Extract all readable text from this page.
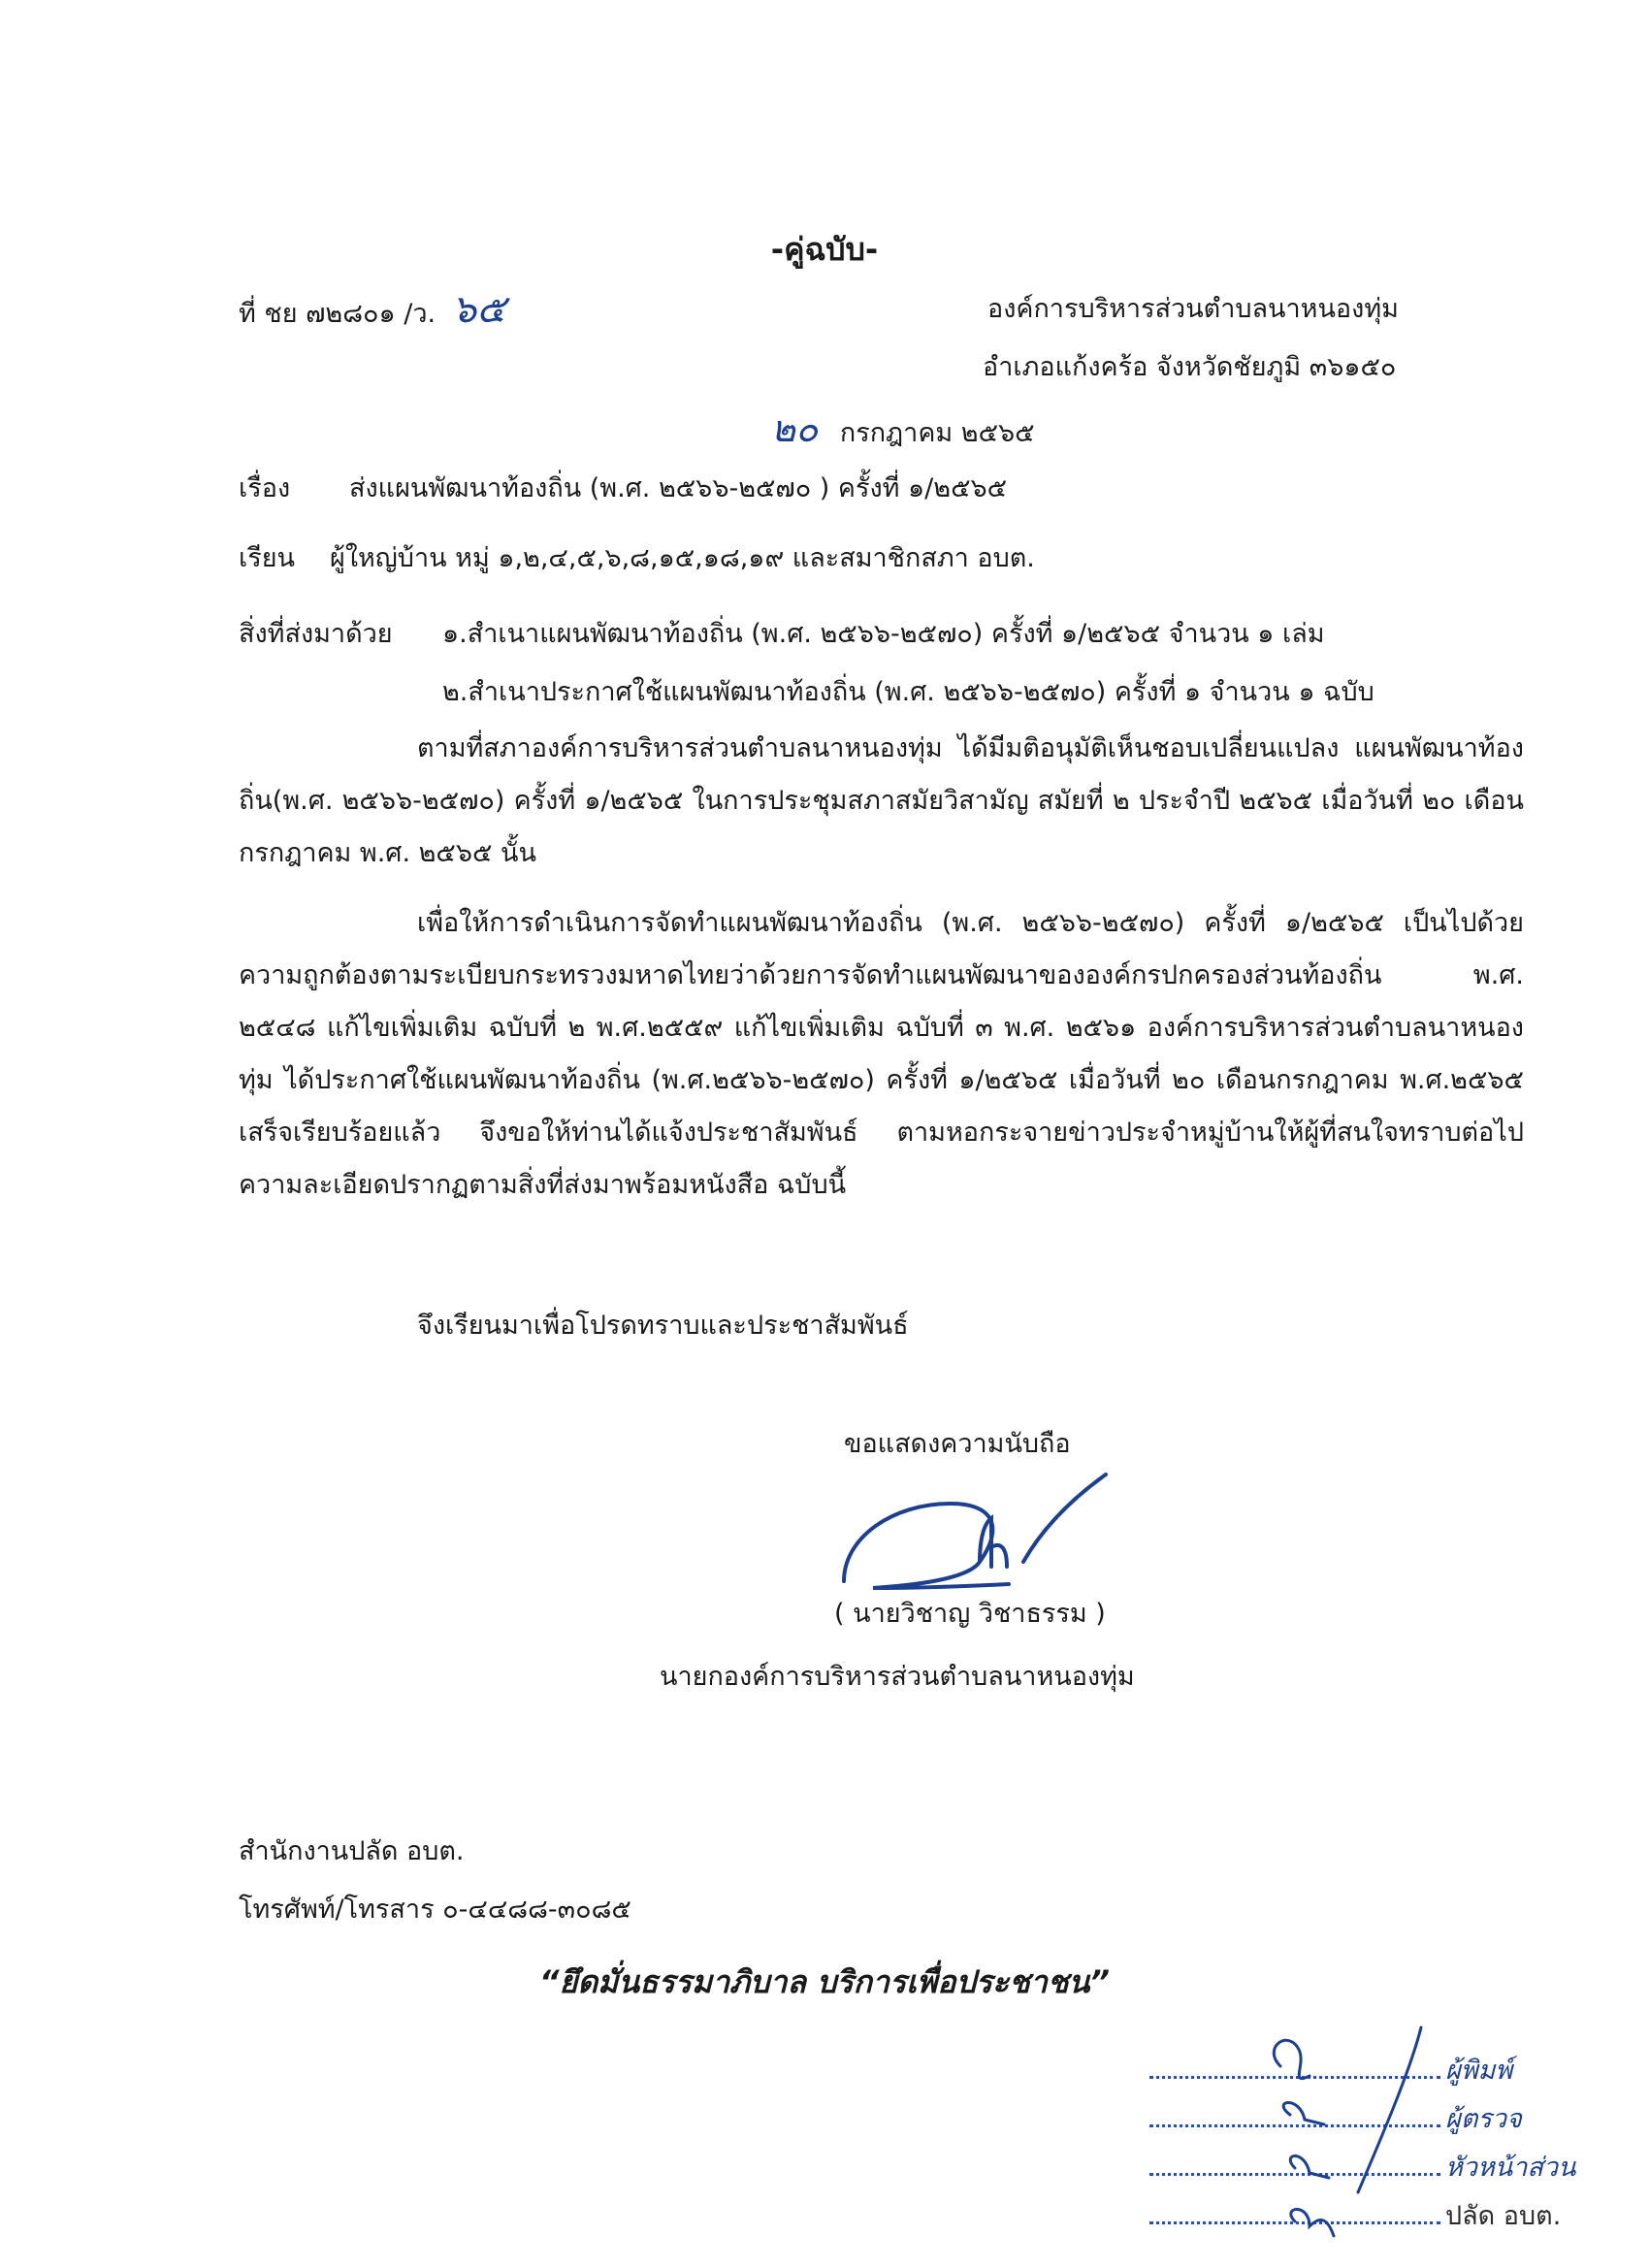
-คู่ฉบับ-
ที่ ชย ๗๒๘๐๑ /ว. ๖๕	องค์การบริหารส่วนตำบลนาหนองทุ่ม
อำเภอแก้งคร้อ จังหวัดชัยภูมิ ๓๖๑๕๐
๒๐ กรกฎาคม ๒๕๖๕
เรื่อง ส่งแผนพัฒนาท้องถิ่น (พ.ศ. ๒๕๖๖-๒๕๗๐ ) ครั้งที่ ๑/๒๕๖๕
เรียน ผู้ใหญ่บ้าน หมู่ ๑,๒,๔,๕,๖,๘,๑๕,๑๘,๑๙ และสมาชิกสภา อบต.
สิ่งที่ส่งมาด้วย ๑.สำเนาแผนพัฒนาท้องถิ่น (พ.ศ. ๒๕๖๖-๒๕๗๐) ครั้งที่ ๑/๒๕๖๕ จำนวน ๑ เล่ม
๒.สำเนาประกาศใช้แผนพัฒนาท้องถิ่น (พ.ศ. ๒๕๖๖-๒๕๗๐) ครั้งที่ ๑ จำนวน ๑ ฉบับ
ตามที่สภาองค์การบริหารส่วนตำบลนาหนองทุ่ม ได้มีมติอนุมัติเห็นชอบเปลี่ยนแปลง แผนพัฒนาท้องถิ่น(พ.ศ. ๒๕๖๖-๒๕๗๐) ครั้งที่ ๑/๒๕๖๕ ในการประชุมสภาสมัยวิสามัญ สมัยที่ ๒ ประจำปี ๒๕๖๕ เมื่อวันที่ ๒๐ เดือน กรกฎาคม พ.ศ. ๒๕๖๕ นั้น
เพื่อให้การดำเนินการจัดทำแผนพัฒนาท้องถิ่น (พ.ศ. ๒๕๖๖-๒๕๗๐) ครั้งที่ ๑/๒๕๖๕ เป็นไปด้วยความถูกต้องตามระเบียบกระทรวงมหาดไทยว่าด้วยการจัดทำแผนพัฒนาขององค์กรปกครองส่วนท้องถิ่น พ.ศ. ๒๕๔๘ แก้ไขเพิ่มเติม ฉบับที่ ๒ พ.ศ.๒๕๕๙ แก้ไขเพิ่มเติม ฉบับที่ ๓ พ.ศ. ๒๕๖๑ องค์การบริหารส่วนตำบลนาหนองทุ่ม ได้ประกาศใช้แผนพัฒนาท้องถิ่น (พ.ศ.๒๕๖๖-๒๕๗๐) ครั้งที่ ๑/๒๕๖๕ เมื่อวันที่ ๒๐ เดือนกรกฎาคม พ.ศ.๒๕๖๕ เสร็จเรียบร้อยแล้ว จึงขอให้ท่านได้แจ้งประชาสัมพันธ์ ตามหอกระจายข่าวประจำหมู่บ้านให้ผู้ที่สนใจทราบต่อไป ความละเอียดปรากฏตามสิ่งที่ส่งมาพร้อมหนังสือ ฉบับนี้
จึงเรียนมาเพื่อโปรดทราบและประชาสัมพันธ์
ขอแสดงความนับถือ
( นายวิชาญ วิชาธรรม )
นายกองค์การบริหารส่วนตำบลนาหนองทุ่ม
สำนักงานปลัด อบต.
โทรศัพท์/โทรสาร ๐-๔๔๘๘-๓๐๘๕
“ยึดมั่นธรรมาภิบาล บริการเพื่อประชาชน”
ผู้พิมพ์
ผู้ตรวจ
หัวหน้าส่วน
ปลัด อบต.
